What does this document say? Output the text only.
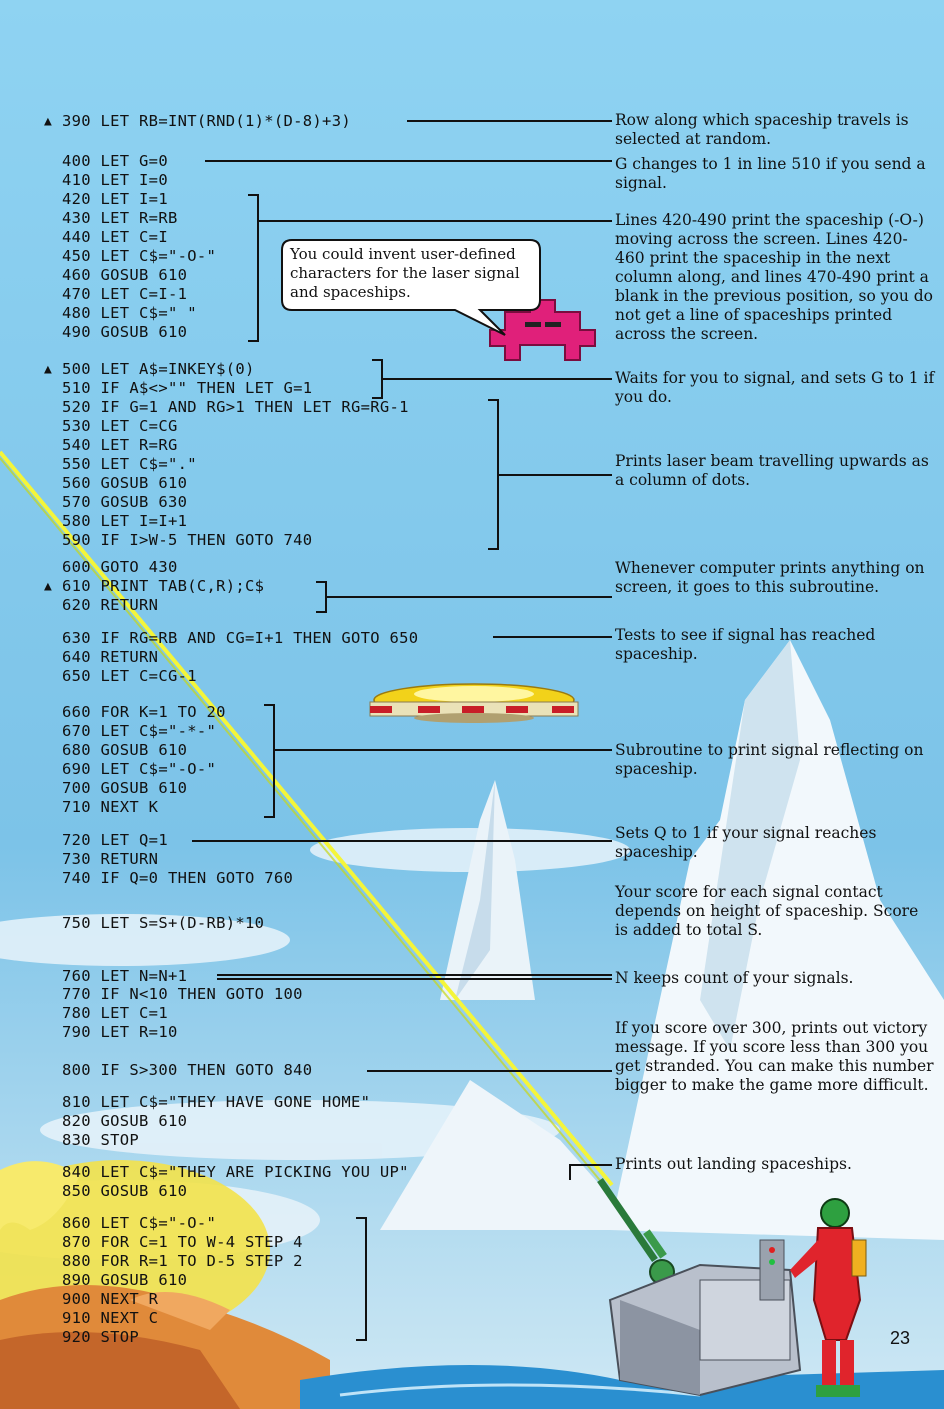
You could invent user-defined characters for the laser signal and spaceships.

▲ 390 LET RB=INT(RND(1)*(D-8)+3)

400 LET G=0

410 LET I=0

420 LET I=1

430 LET R=RB

440 LET C=I

450 LET C$="-O-"

460 GOSUB 610

470 LET C=I-1

480 LET C$=" "

490 GOSUB 610

▲ 500 LET A$=INKEY$(0)

510 IF A$<>"" THEN LET G=1

520 IF G=1 AND RG>1 THEN LET RG=RG-1

530 LET C=CG

540 LET R=RG

550 LET C$="."

560 GOSUB 610

570 GOSUB 630

580 LET I=I+1

590 IF I>W-5 THEN GOTO 740

600 GOTO 430

▲ 610 PRINT TAB(C,R);C$

620 RETURN

630 IF RG=RB AND CG=I+1 THEN GOTO 650

640 RETURN

650 LET C=CG-1

660 FOR K=1 TO 20

670 LET C$="-*-"

680 GOSUB 610

690 LET C$="-O-"

700 GOSUB 610

710 NEXT K

720 LET Q=1

730 RETURN

740 IF Q=0 THEN GOTO 760

750 LET S=S+(D-RB)*10

760 LET N=N+1

770 IF N<10 THEN GOTO 100

780 LET C=1

790 LET R=10

800 IF S>300 THEN GOTO 840

810 LET C$="THEY HAVE GONE HOME"

820 GOSUB 610

830 STOP

840 LET C$="THEY ARE PICKING YOU UP"

850 GOSUB 610

860 LET C$="-O-"

870 FOR C=1 TO W-4 STEP 4

880 FOR R=1 TO D-5 STEP 2

890 GOSUB 610

900 NEXT R

910 NEXT C

920 STOP

Row along which spaceship travels is selected at random.
G changes to 1 in line 510 if you send a signal.
Lines 420-490 print the spaceship (-O-) moving across the screen. Lines 420-460 print the spaceship in the next column along, and lines 470-490 print a blank in the previous position, so you do not get a line of spaceships printed across the screen.
Waits for you to signal, and sets G to 1 if you do.
Prints laser beam travelling upwards as a column of dots.
Whenever computer prints anything on screen, it goes to this subroutine.
Tests to see if signal has reached spaceship.
Subroutine to print signal reflecting on spaceship.
Sets Q to 1 if your signal reaches spaceship.
Your score for each signal contact depends on height of spaceship. Score is added to total S.
N keeps count of your signals.
If you score over 300, prints out victory message. If you score less than 300 you get stranded. You can make this number bigger to make the game more difficult.
Prints out landing spaceships.
23
